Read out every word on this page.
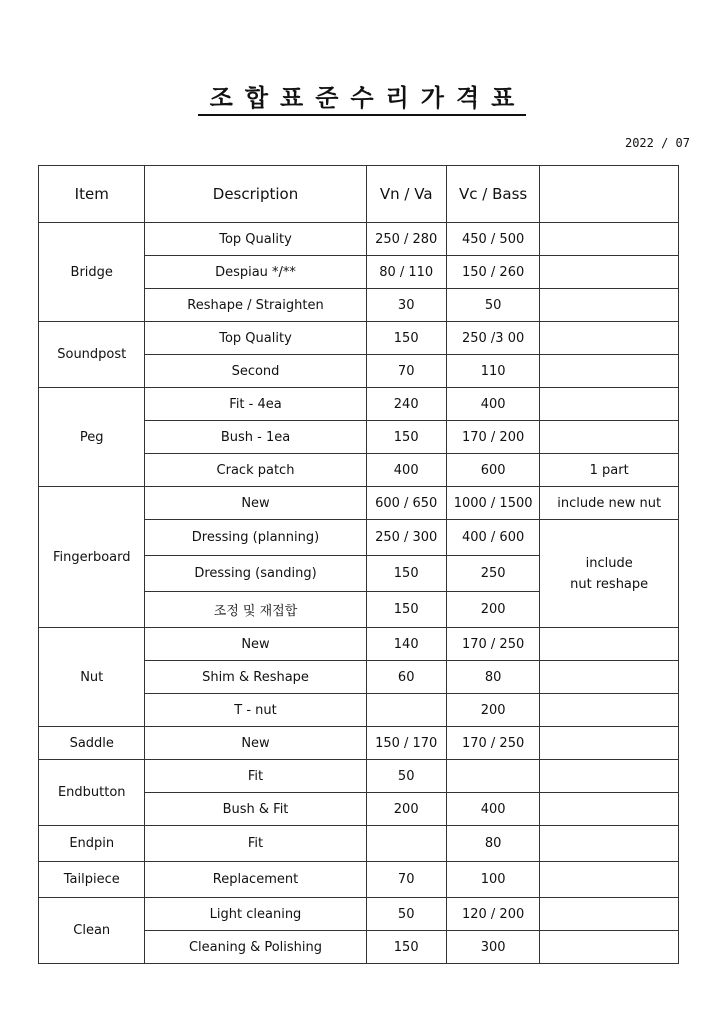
조합표준수리가격표
2022 / 07
Item	Description	Vn / Va	Vc / Bass	
Bridge	Top Quality	250 / 280	450 / 500	
	Despiau */**	80 / 110	150 / 260	
	Reshape / Straighten	30	50	
Soundpost	Top Quality	150	250 /3 00	
	Second	70	110	
Peg	Fit - 4ea	240	400	
	Bush - 1ea	150	170 / 200	
	Crack patch	400	600	1 part
Fingerboard	New	600 / 650	1000 / 1500	include new nut
	Dressing (planning)	250 / 300	400 / 600	include
nut reshape

	Dressing (sanding)	150	250	
	조정 및 재접합	150	200	
Nut	New	140	170 / 250	
	Shim & Reshape	60	80	
	T - nut		200	
Saddle	New	150 / 170	170 / 250	
Endbutton	Fit	50		
	Bush & Fit	200	400	
Endpin	Fit		80	
Tailpiece	Replacement	70	100	
Clean	Light cleaning	50	120 / 200	
	Cleaning & Polishing	150	300	
